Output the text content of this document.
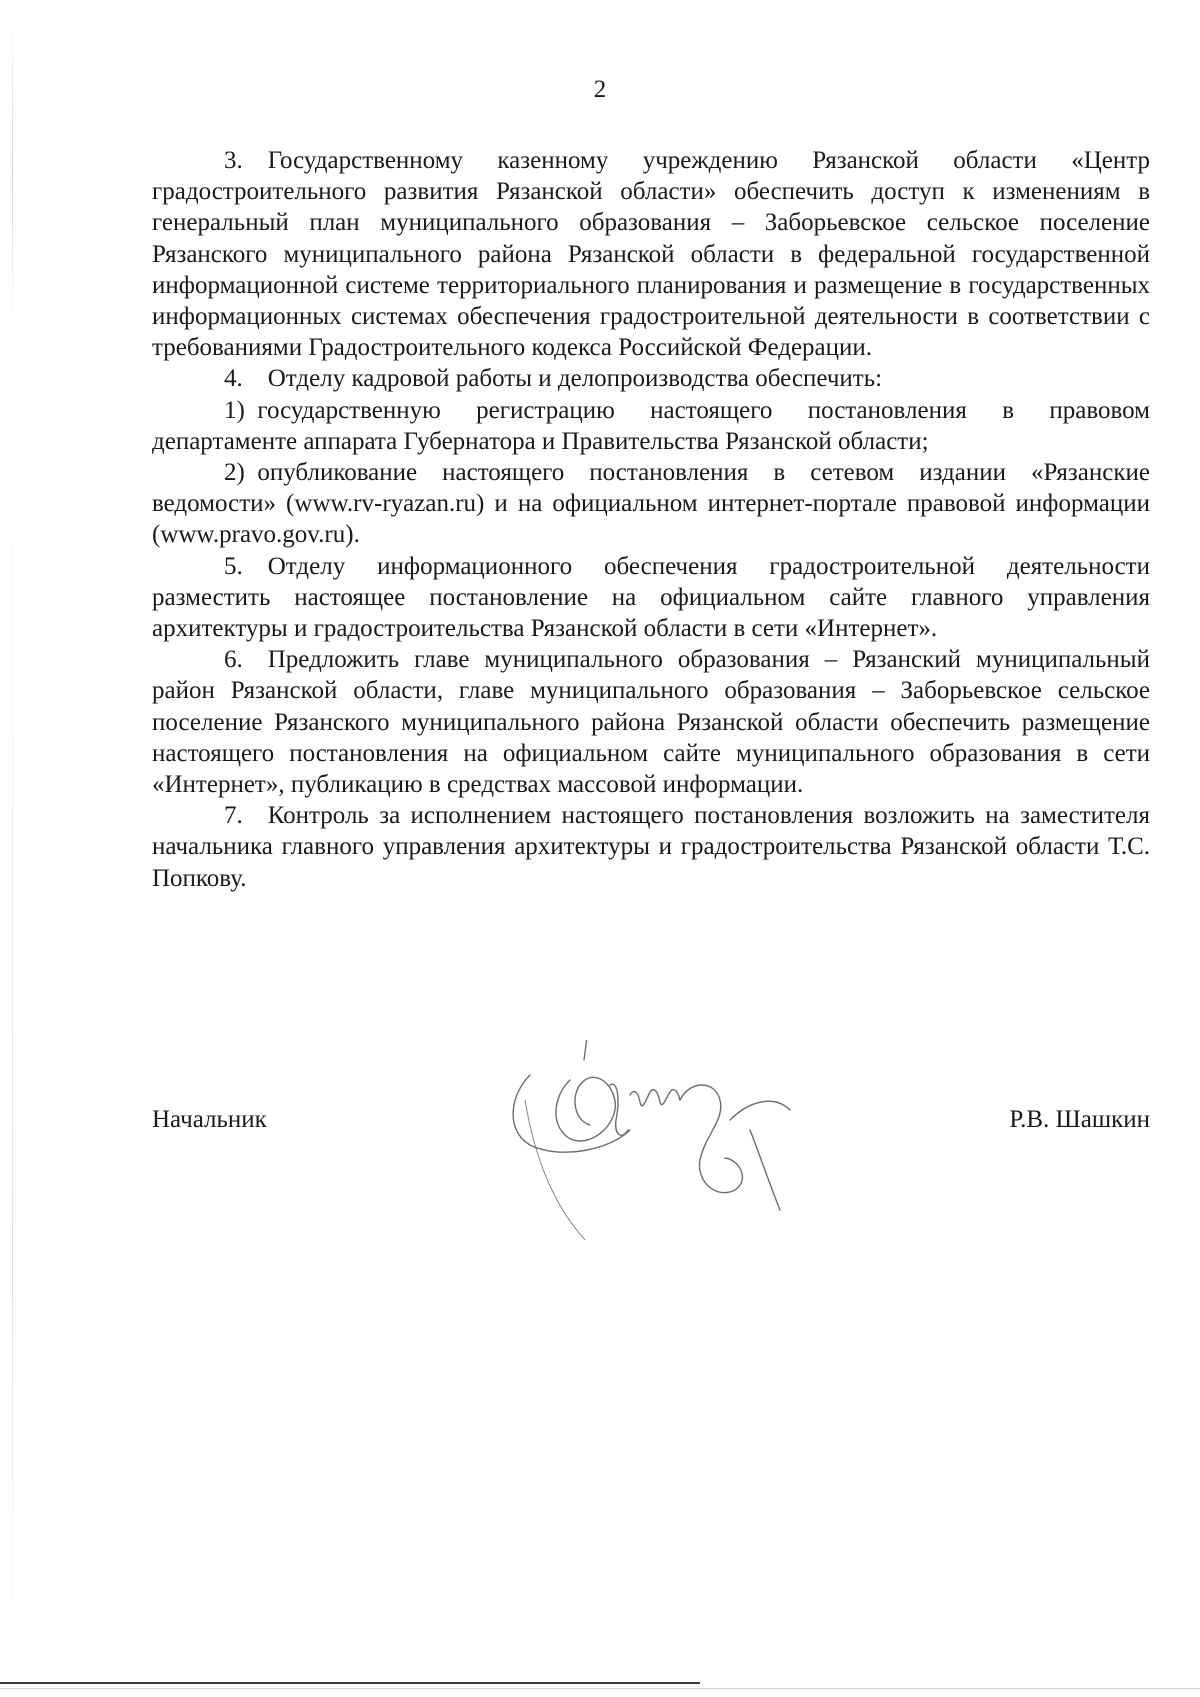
2

3. Государственному казенному учреждению Рязанской области «Центр градостроительного развития Рязанской области» обеспечить доступ к изменениям в генеральный план муниципального образования – Заборьевское сельское поселение Рязанского муниципального района Рязанской области в федеральной государственной информационной системе территориального планирования и размещение в государственных информационных системах обеспечения градостроительной деятельности в соответствии с требованиями Градостроительного кодекса Российской Федерации.

4. Отделу кадровой работы и делопроизводства обеспечить:

1) государственную регистрацию настоящего постановления в правовом департаменте аппарата Губернатора и Правительства Рязанской области;

2) опубликование настоящего постановления в сетевом издании «Рязанские ведомости» (www.rv-ryazan.ru) и на официальном интернет-портале правовой информации (www.pravo.gov.ru).

5. Отделу информационного обеспечения градостроительной деятельности разместить настоящее постановление на официальном сайте главного управления архитектуры и градостроительства Рязанской области в сети «Интернет».

6. Предложить главе муниципального образования – Рязанский муниципальный район Рязанской области, главе муниципального образования – Заборьевское сельское поселение Рязанского муниципального района Рязанской области обеспечить размещение настоящего постановления на официальном сайте муниципального образования в сети «Интернет», публикацию в средствах массовой информации.

7. Контроль за исполнением настоящего постановления возложить на заместителя начальника главного управления архитектуры и градостроительства Рязанской области Т.С. Попкову.

Начальник	Р.В. Шашкин
